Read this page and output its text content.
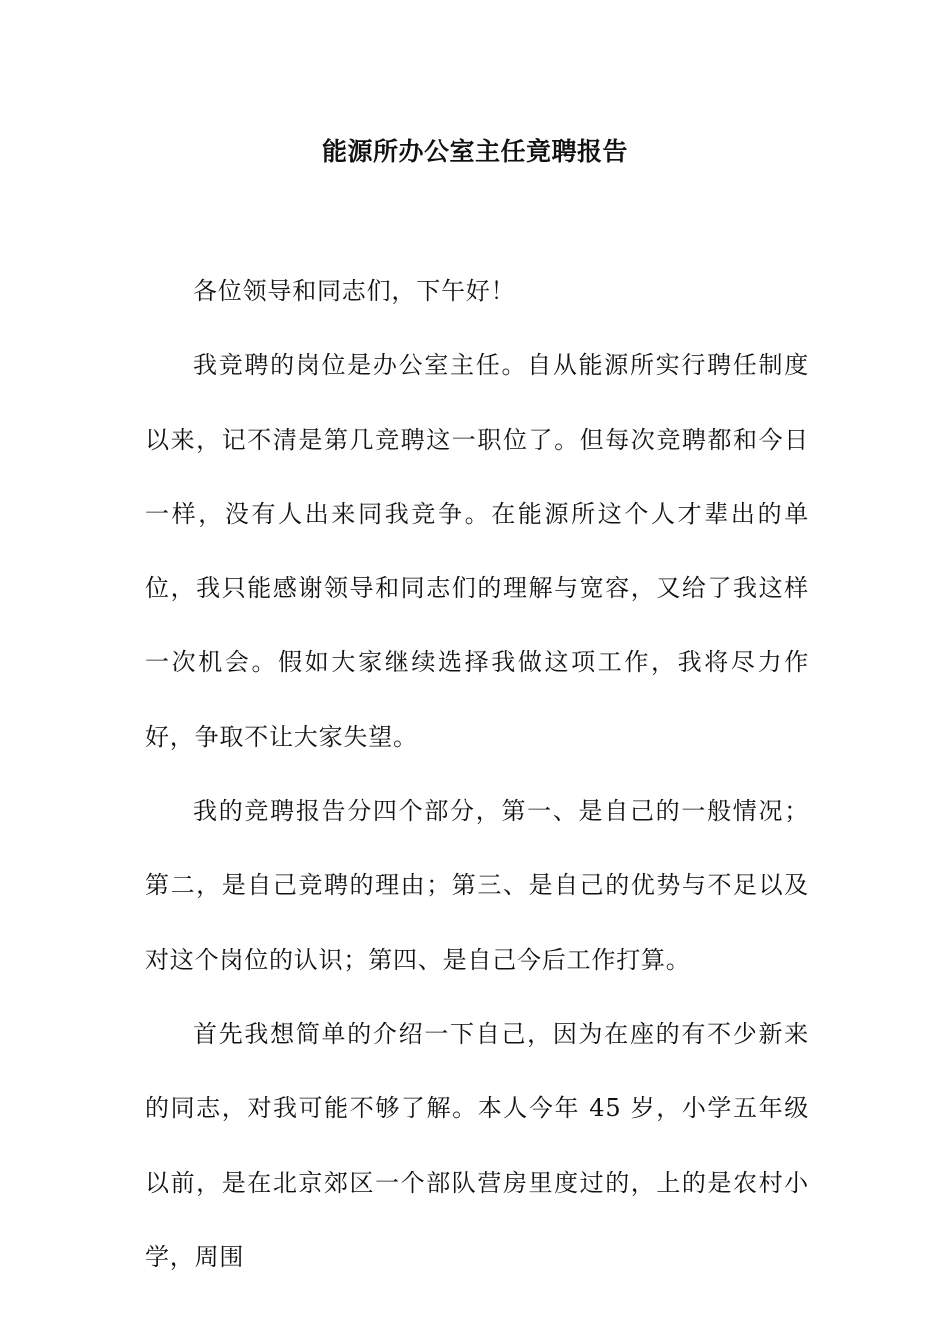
能源所办公室主任竟聘报告

各位领导和同志们，下午好！

我竞聘的岗位是办公室主任。自从能源所实行聘任制度以来，记不清是第几竞聘这一职位了。但每次竞聘都和今日一样，没有人出来同我竞争。在能源所这个人才辈出的单位，我只能感谢领导和同志们的理解与宽容，又给了我这样一次机会。假如大家继续选择我做这项工作，我将尽力作好，争取不让大家失望。

我的竞聘报告分四个部分，第一、是自己的一般情况；第二，是自己竞聘的理由；第三、是自己的优势与不足以及对这个岗位的认识；第四、是自己今后工作打算。

首先我想简单的介绍一下自己，因为在座的有不少新来的同志，对我可能不够了解。本人今年 45 岁，小学五年级以前，是在北京郊区一个部队营房里度过的，上的是农村小学，周围
